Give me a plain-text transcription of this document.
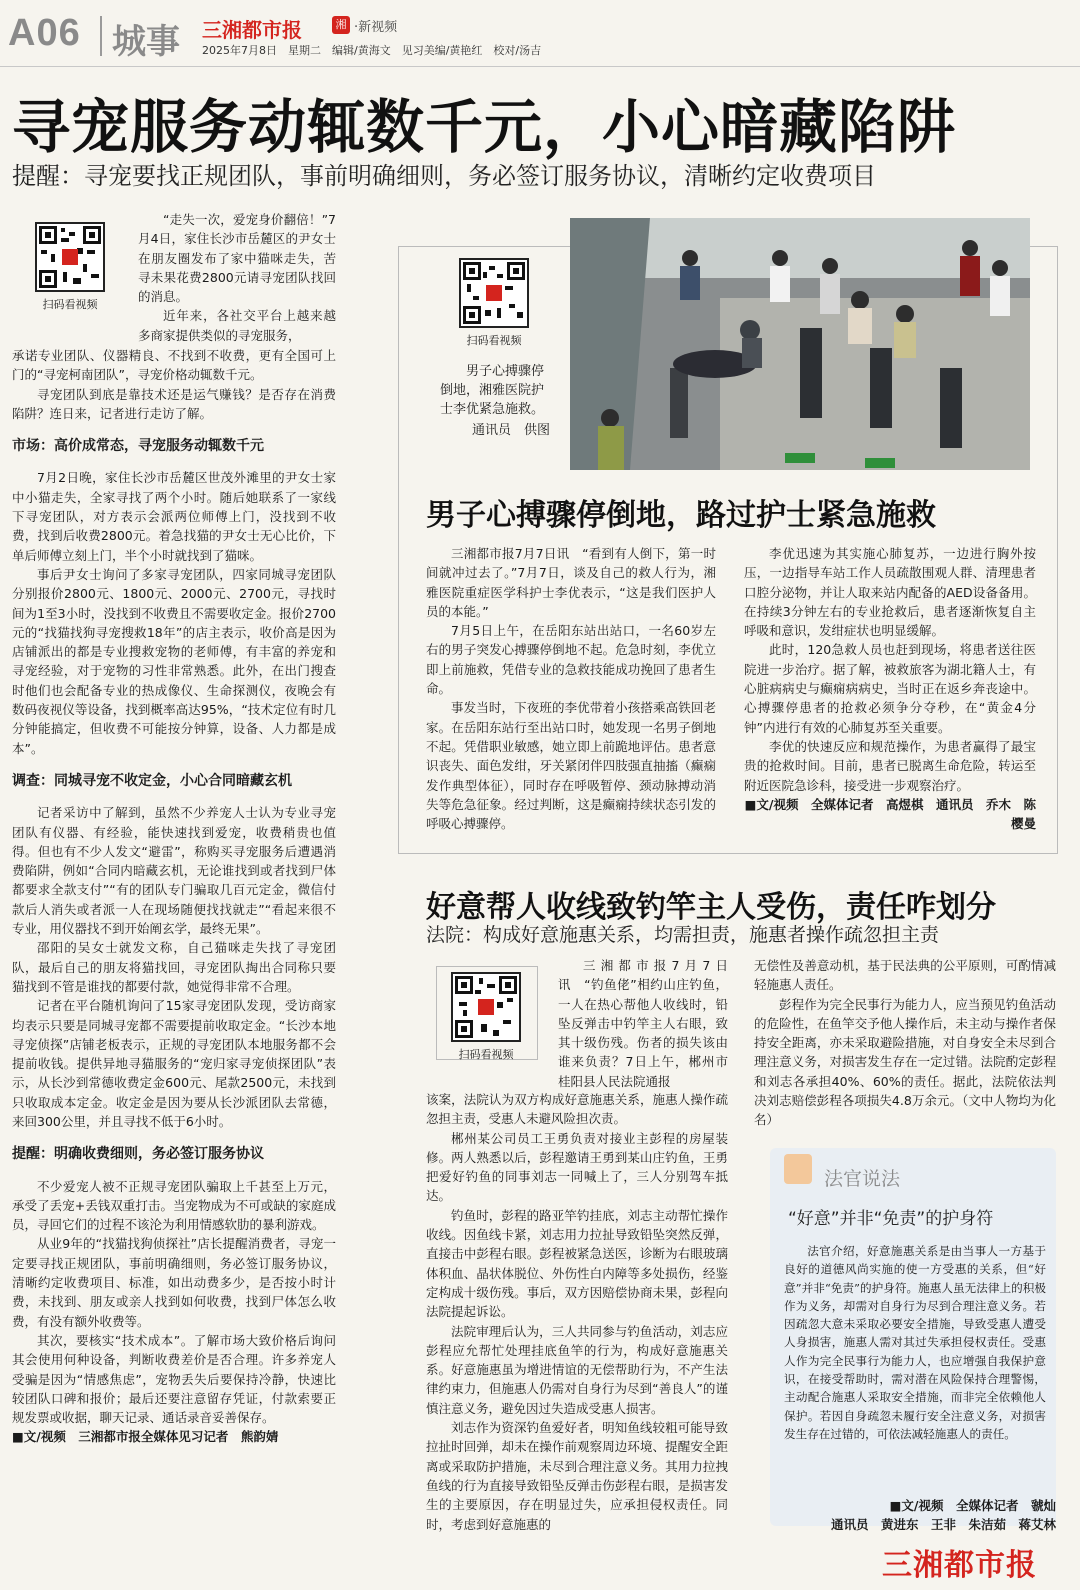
A06 城事 三湘都市报	湘 ·新视频
2025年7月8日　星期二　编辑/黄海文　见习美编/黄艳红　校对/汤吉
寻宠服务动辄数千元，小心暗藏陷阱
提醒：寻宠要找正规团队，事前明确细则，务必签订服务协议，清晰约定收费项目
扫码看视频

“走失一次，爱宠身价翻倍！”7月4日，家住长沙市岳麓区的尹女士在朋友圈发布了家中猫咪走失，苦寻未果花费2800元请寻宠团队找回的消息。

近年来，各社交平台上越来越多商家提供类似的寻宠服务，

承诺专业团队、仪器精良、不找到不收费，更有全国可上门的“寻宠柯南团队”，寻宠价格动辄数千元。

寻宠团队到底是靠技术还是运气赚钱？是否存在消费陷阱？连日来，记者进行走访了解。

市场：高价成常态，寻宠服务动辄数千元

7月2日晚，家住长沙市岳麓区世茂外滩里的尹女士家中小猫走失，全家寻找了两个小时。随后她联系了一家线下寻宠团队，对方表示会派两位师傅上门，没找到不收费，找到后收费2800元。着急找猫的尹女士无心比价，下单后师傅立刻上门，半个小时就找到了猫咪。

事后尹女士询问了多家寻宠团队，四家同城寻宠团队分别报价2800元、1800元、2000元、2700元，寻找时间为1至3小时，没找到不收费且不需要收定金。报价2700元的“找猫找狗寻宠搜救18年”的店主表示，收价高是因为店铺派出的都是专业搜救宠物的老师傅，有丰富的养宠和寻宠经验，对于宠物的习性非常熟悉。此外，在出门搜查时他们也会配备专业的热成像仪、生命探测仪，夜晚会有数码夜视仪等设备，找到概率高达95%，“技术定位有时几分钟能搞定，但收费不可能按分钟算，设备、人力都是成本”。

调查：同城寻宠不收定金，小心合同暗藏玄机

记者采访中了解到，虽然不少养宠人士认为专业寻宠团队有仪器、有经验，能快速找到爱宠，收费稍贵也值得。但也有不少人发文“避雷”，称购买寻宠服务后遭遇消费陷阱，例如“合同内暗藏玄机，无论谁找到或者找到尸体都要求全款支付”“有的团队专门骗取几百元定金，微信付款后人消失或者派一人在现场随便找找就走”“看起来很不专业，用仪器找不到开始阐玄学，最终无果”。

邵阳的吴女士就发文称，自己猫咪走失找了寻宠团队，最后自己的朋友将猫找回，寻宠团队掏出合同称只要猫找到不管是谁找的都要付款，她觉得非常不合理。

记者在平台随机询问了15家寻宠团队发现，受访商家均表示只要是同城寻宠都不需要提前收取定金。“长沙本地寻宠侦探”店铺老板表示，正规的寻宠团队本地服务都不会提前收钱。提供异地寻猫服务的“宠归家寻宠侦探团队”表示，从长沙到常德收费定金600元、尾款2500元，未找到只收取成本定金。收定金是因为要从长沙派团队去常德，来回300公里，并且寻找不低于6小时。

提醒：明确收费细则，务必签订服务协议

不少爱宠人被不正规寻宠团队骗取上千甚至上万元，承受了丢宠+丢钱双重打击。当宠物成为不可或缺的家庭成员，寻回它们的过程不该沦为利用情感软肋的暴利游戏。

从业9年的“找猫找狗侦探社”店长提醒消费者，寻宠一定要寻找正规团队，事前明确细则，务必签订服务协议，清晰约定收费项目、标准，如出动费多少，是否按小时计费，未找到、朋友或亲人找到如何收费，找到尸体怎么收费，有没有额外收费等。

其次，要核实“技术成本”。了解市场大致价格后询问其会使用何种设备，判断收费差价是否合理。许多养宠人受骗是因为“情感焦虑”，宠物丢失后要保持冷静，快速比较团队口碑和报价；最后还要注意留存凭证，付款索要正规发票或收据，聊天记录、通话录音妥善保存。

■文/视频　三湘都市报全媒体见习记者　熊韵婧

扫码看视频
男子心搏骤停倒地，湘雅医院护士李优紧急施救。
通讯员　供图
男子心搏骤停倒地，路过护士紧急施救

三湘都市报7月7日讯　“看到有人倒下，第一时间就冲过去了。”7月7日，谈及自己的救人行为，湘雅医院重症医学科护士李优表示，“这是我们医护人员的本能。”

7月5日上午，在岳阳东站出站口，一名60岁左右的男子突发心搏骤停倒地不起。危急时刻，李优立即上前施救，凭借专业的急救技能成功挽回了患者生命。

事发当时，下夜班的李优带着小孩搭乘高铁回老家。在岳阳东站行至出站口时，她发现一名男子倒地不起。凭借职业敏感，她立即上前跪地评估。患者意识丧失、面色发绀，牙关紧闭伴四肢强直抽搐（癫痫发作典型体征），同时存在呼吸暂停、颈动脉搏动消失等危急征象。经过判断，这是癫痫持续状态引发的呼吸心搏骤停。

李优迅速为其实施心肺复苏，一边进行胸外按压，一边指导车站工作人员疏散围观人群、清理患者口腔分泌物，并让人取来站内配备的AED设备备用。在持续3分钟左右的专业抢救后，患者逐渐恢复自主呼吸和意识，发绀症状也明显缓解。

此时，120急救人员也赶到现场，将患者送往医院进一步治疗。据了解，被救旅客为湖北籍人士，有心脏病病史与癫痫病病史，当时正在返乡奔丧途中。心搏骤停患者的抢救必须争分夺秒，在“黄金4分钟”内进行有效的心肺复苏至关重要。

李优的快速反应和规范操作，为患者赢得了最宝贵的抢救时间。目前，患者已脱离生命危险，转运至附近医院急诊科，接受进一步观察治疗。

■文/视频　全媒体记者　高煜棋　通讯员　乔木　陈樱曼

好意帮人收线致钓竿主人受伤，责任咋划分
法院：构成好意施惠关系，均需担责，施惠者操作疏忽担主责
扫码看视频

三湘都市报7月7日讯　“钓鱼佬”相约山庄钓鱼，一人在热心帮他人收线时，铅坠反弹击中钓竿主人右眼，致其十级伤残。伤者的损失该由谁来负责？7日上午，郴州市桂阳县人民法院通报

该案，法院认为双方构成好意施惠关系，施惠人操作疏忽担主责，受惠人未避风险担次责。

郴州某公司员工王勇负责对接业主彭程的房屋装修。两人熟悉以后，彭程邀请王勇到某山庄钓鱼，王勇把爱好钓鱼的同事刘志一同喊上了，三人分别驾车抵达。

钓鱼时，彭程的路亚竿钓挂底，刘志主动帮忙操作收线。因鱼线卡紧，刘志用力拉扯导致铅坠突然反弹，直接击中彭程右眼。彭程被紧急送医，诊断为右眼玻璃体积血、晶状体脱位、外伤性白内障等多处损伤，经鉴定构成十级伤残。事后，双方因赔偿协商未果，彭程向法院提起诉讼。

法院审理后认为，三人共同参与钓鱼活动，刘志应彭程应允帮忙处理挂底鱼竿的行为，构成好意施惠关系。好意施惠虽为增进情谊的无偿帮助行为，不产生法律约束力，但施惠人仍需对自身行为尽到“善良人”的谨慎注意义务，避免因过失造成受惠人损害。

刘志作为资深钓鱼爱好者，明知鱼线较粗可能导致拉扯时回弹，却未在操作前观察周边环境、提醒安全距离或采取防护措施，未尽到合理注意义务。其用力拉拽鱼线的行为直接导致铅坠反弹击伤彭程右眼，是损害发生的主要原因，存在明显过失，应承担侵权责任。同时，考虑到好意施惠的

无偿性及善意动机，基于民法典的公平原则，可酌情减轻施惠人责任。

彭程作为完全民事行为能力人，应当预见钓鱼活动的危险性，在鱼竿交予他人操作后，未主动与操作者保持安全距离，亦未采取避险措施，对自身安全未尽到合理注意义务，对损害发生存在一定过错。法院酌定彭程和刘志各承担40%、60%的责任。据此，法院依法判决刘志赔偿彭程各项损失4.8万余元。（文中人物均为化名）

法官说法
“好意”并非“免责”的护身符

法官介绍，好意施惠关系是由当事人一方基于良好的道德风尚实施的使一方受惠的关系，但“好意”并非“免责”的护身符。施惠人虽无法律上的积极作为义务，却需对自身行为尽到合理注意义务。若因疏忽大意未采取必要安全措施，导致受惠人遭受人身损害，施惠人需对其过失承担侵权责任。受惠人作为完全民事行为能力人，也应增强自我保护意识，在接受帮助时，需对潜在风险保持合理警惕，主动配合施惠人采取安全措施，而非完全依赖他人保护。若因自身疏忽未履行安全注意义务，对损害发生存在过错的，可依法减轻施惠人的责任。

■文/视频　全媒体记者　虢灿
通讯员　黄进东　王非　朱洁茹　蒋艾林
三湘都市报
